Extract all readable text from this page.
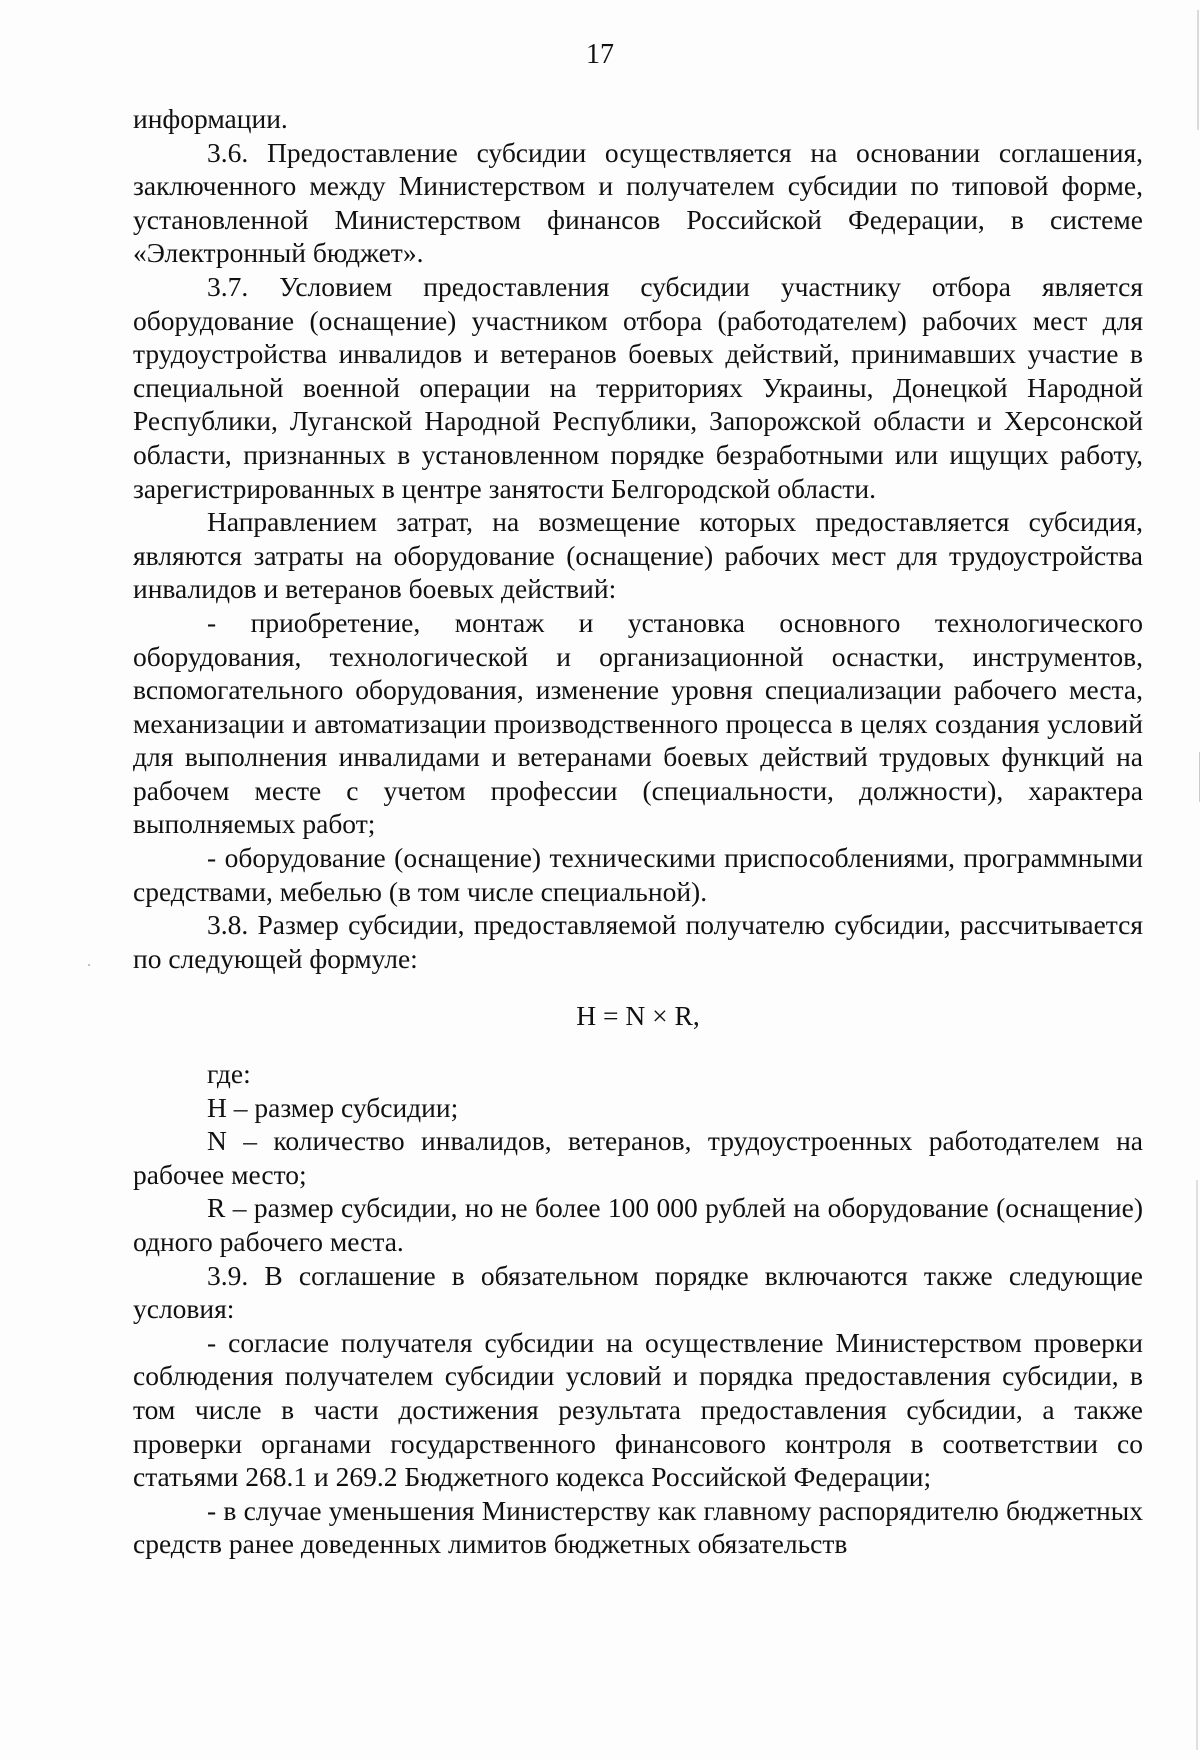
17

информации.

3.6. Предоставление субсидии осуществляется на основании соглашения, заключенного между Министерством и получателем субсидии по типовой форме, установленной Министерством финансов Российской Федерации, в системе «Электронный бюджет».

3.7. Условием предоставления субсидии участнику отбора является оборудование (оснащение) участником отбора (работодателем) рабочих мест для трудоустройства инвалидов и ветеранов боевых действий, принимавших участие в специальной военной операции на территориях Украины, Донецкой Народной Республики, Луганской Народной Республики, Запорожской области и Херсонской области, признанных в установленном порядке безработными или ищущих работу, зарегистрированных в центре занятости Белгородской области.

Направлением затрат, на возмещение которых предоставляется субсидия, являются затраты на оборудование (оснащение) рабочих мест для трудоустройства инвалидов и ветеранов боевых действий:

- приобретение, монтаж и установка основного технологического оборудования, технологической и организационной оснастки, инструментов, вспомогательного оборудования, изменение уровня специализации рабочего места, механизации и автоматизации производственного процесса в целях создания условий для выполнения инвалидами и ветеранами боевых действий трудовых функций на рабочем месте с учетом профессии (специальности, должности), характера выполняемых работ;

- оборудование (оснащение) техническими приспособлениями, программными средствами, мебелью (в том числе специальной).

3.8. Размер субсидии, предоставляемой получателю субсидии, рассчитывается по следующей формуле:

H = N × R,

где:

H – размер субсидии;

N – количество инвалидов, ветеранов, трудоустроенных работодателем на рабочее место;

R – размер субсидии, но не более 100 000 рублей на оборудование (оснащение) одного рабочего места.

3.9. В соглашение в обязательном порядке включаются также следующие условия:

- согласие получателя субсидии на осуществление Министерством проверки соблюдения получателем субсидии условий и порядка предоставления субсидии, в том числе в части достижения результата предоставления субсидии, а также проверки органами государственного финансового контроля в соответствии со статьями 268.1 и 269.2 Бюджетного кодекса Российской Федерации;

- в случае уменьшения Министерству как главному распорядителю бюджетных средств ранее доведенных лимитов бюджетных обязательств
